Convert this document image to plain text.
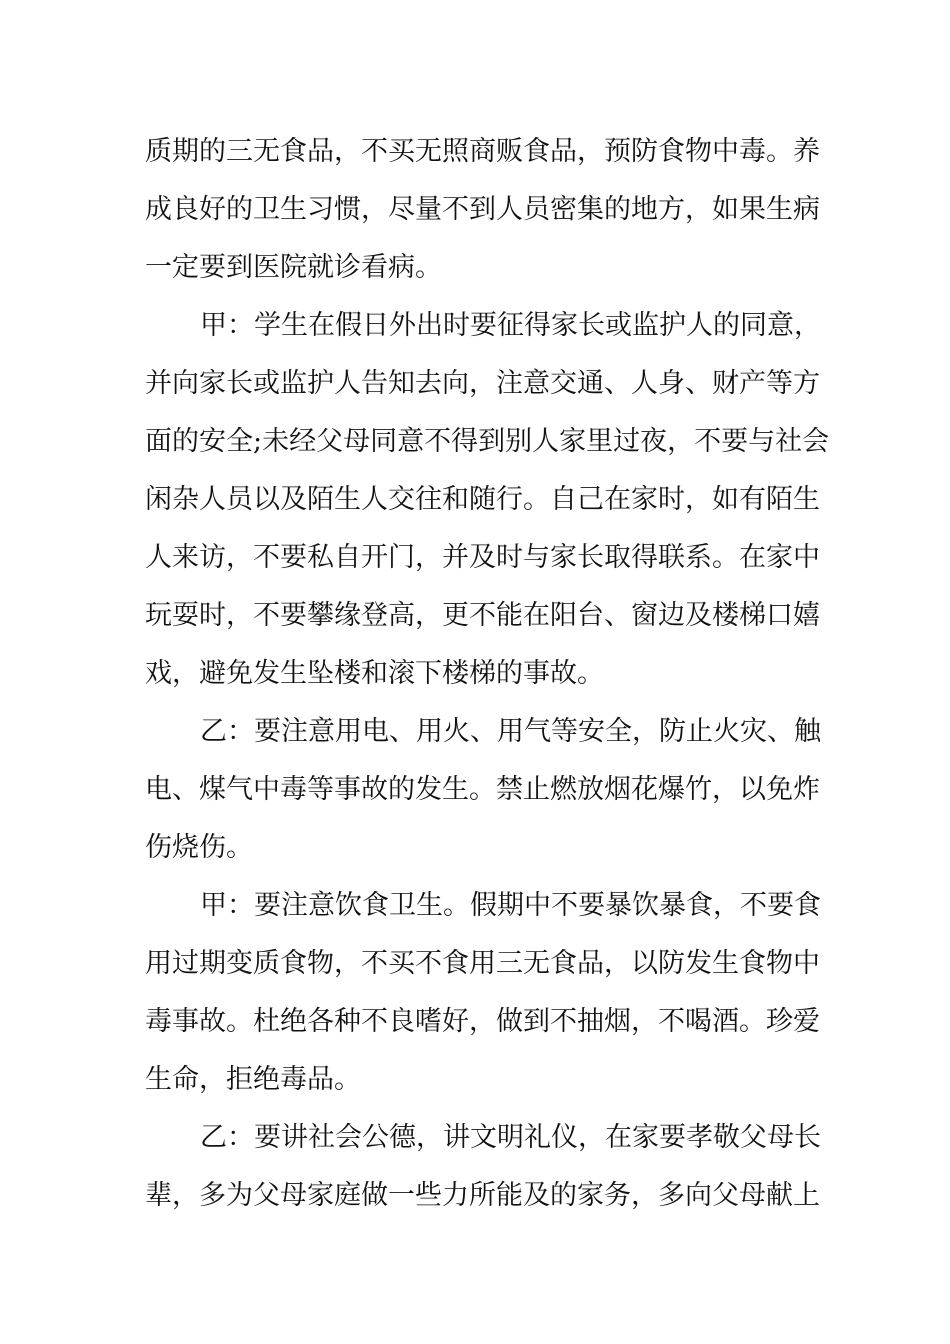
质期的三无食品，不买无照商贩食品，预防食物中毒。养
成良好的卫生习惯，尽量不到人员密集的地方，如果生病
一定要到医院就诊看病。
甲：学生在假日外出时要征得家长或监护人的同意，
并向家长或监护人告知去向，注意交通、人身、财产等方
面的安全;未经父母同意不得到别人家里过夜，不要与社会
闲杂人员以及陌生人交往和随行。自己在家时，如有陌生
人来访，不要私自开门，并及时与家长取得联系。在家中
玩耍时，不要攀缘登高，更不能在阳台、窗边及楼梯口嬉
戏，避免发生坠楼和滚下楼梯的事故。
乙：要注意用电、用火、用气等安全，防止火灾、触
电、煤气中毒等事故的发生。禁止燃放烟花爆竹，以免炸
伤烧伤。
甲：要注意饮食卫生。假期中不要暴饮暴食，不要食
用过期变质食物，不买不食用三无食品，以防发生食物中
毒事故。杜绝各种不良嗜好，做到不抽烟，不喝酒。珍爱
生命，拒绝毒品。
乙：要讲社会公德，讲文明礼仪，在家要孝敬父母长
辈，多为父母家庭做一些力所能及的家务，多向父母献上
